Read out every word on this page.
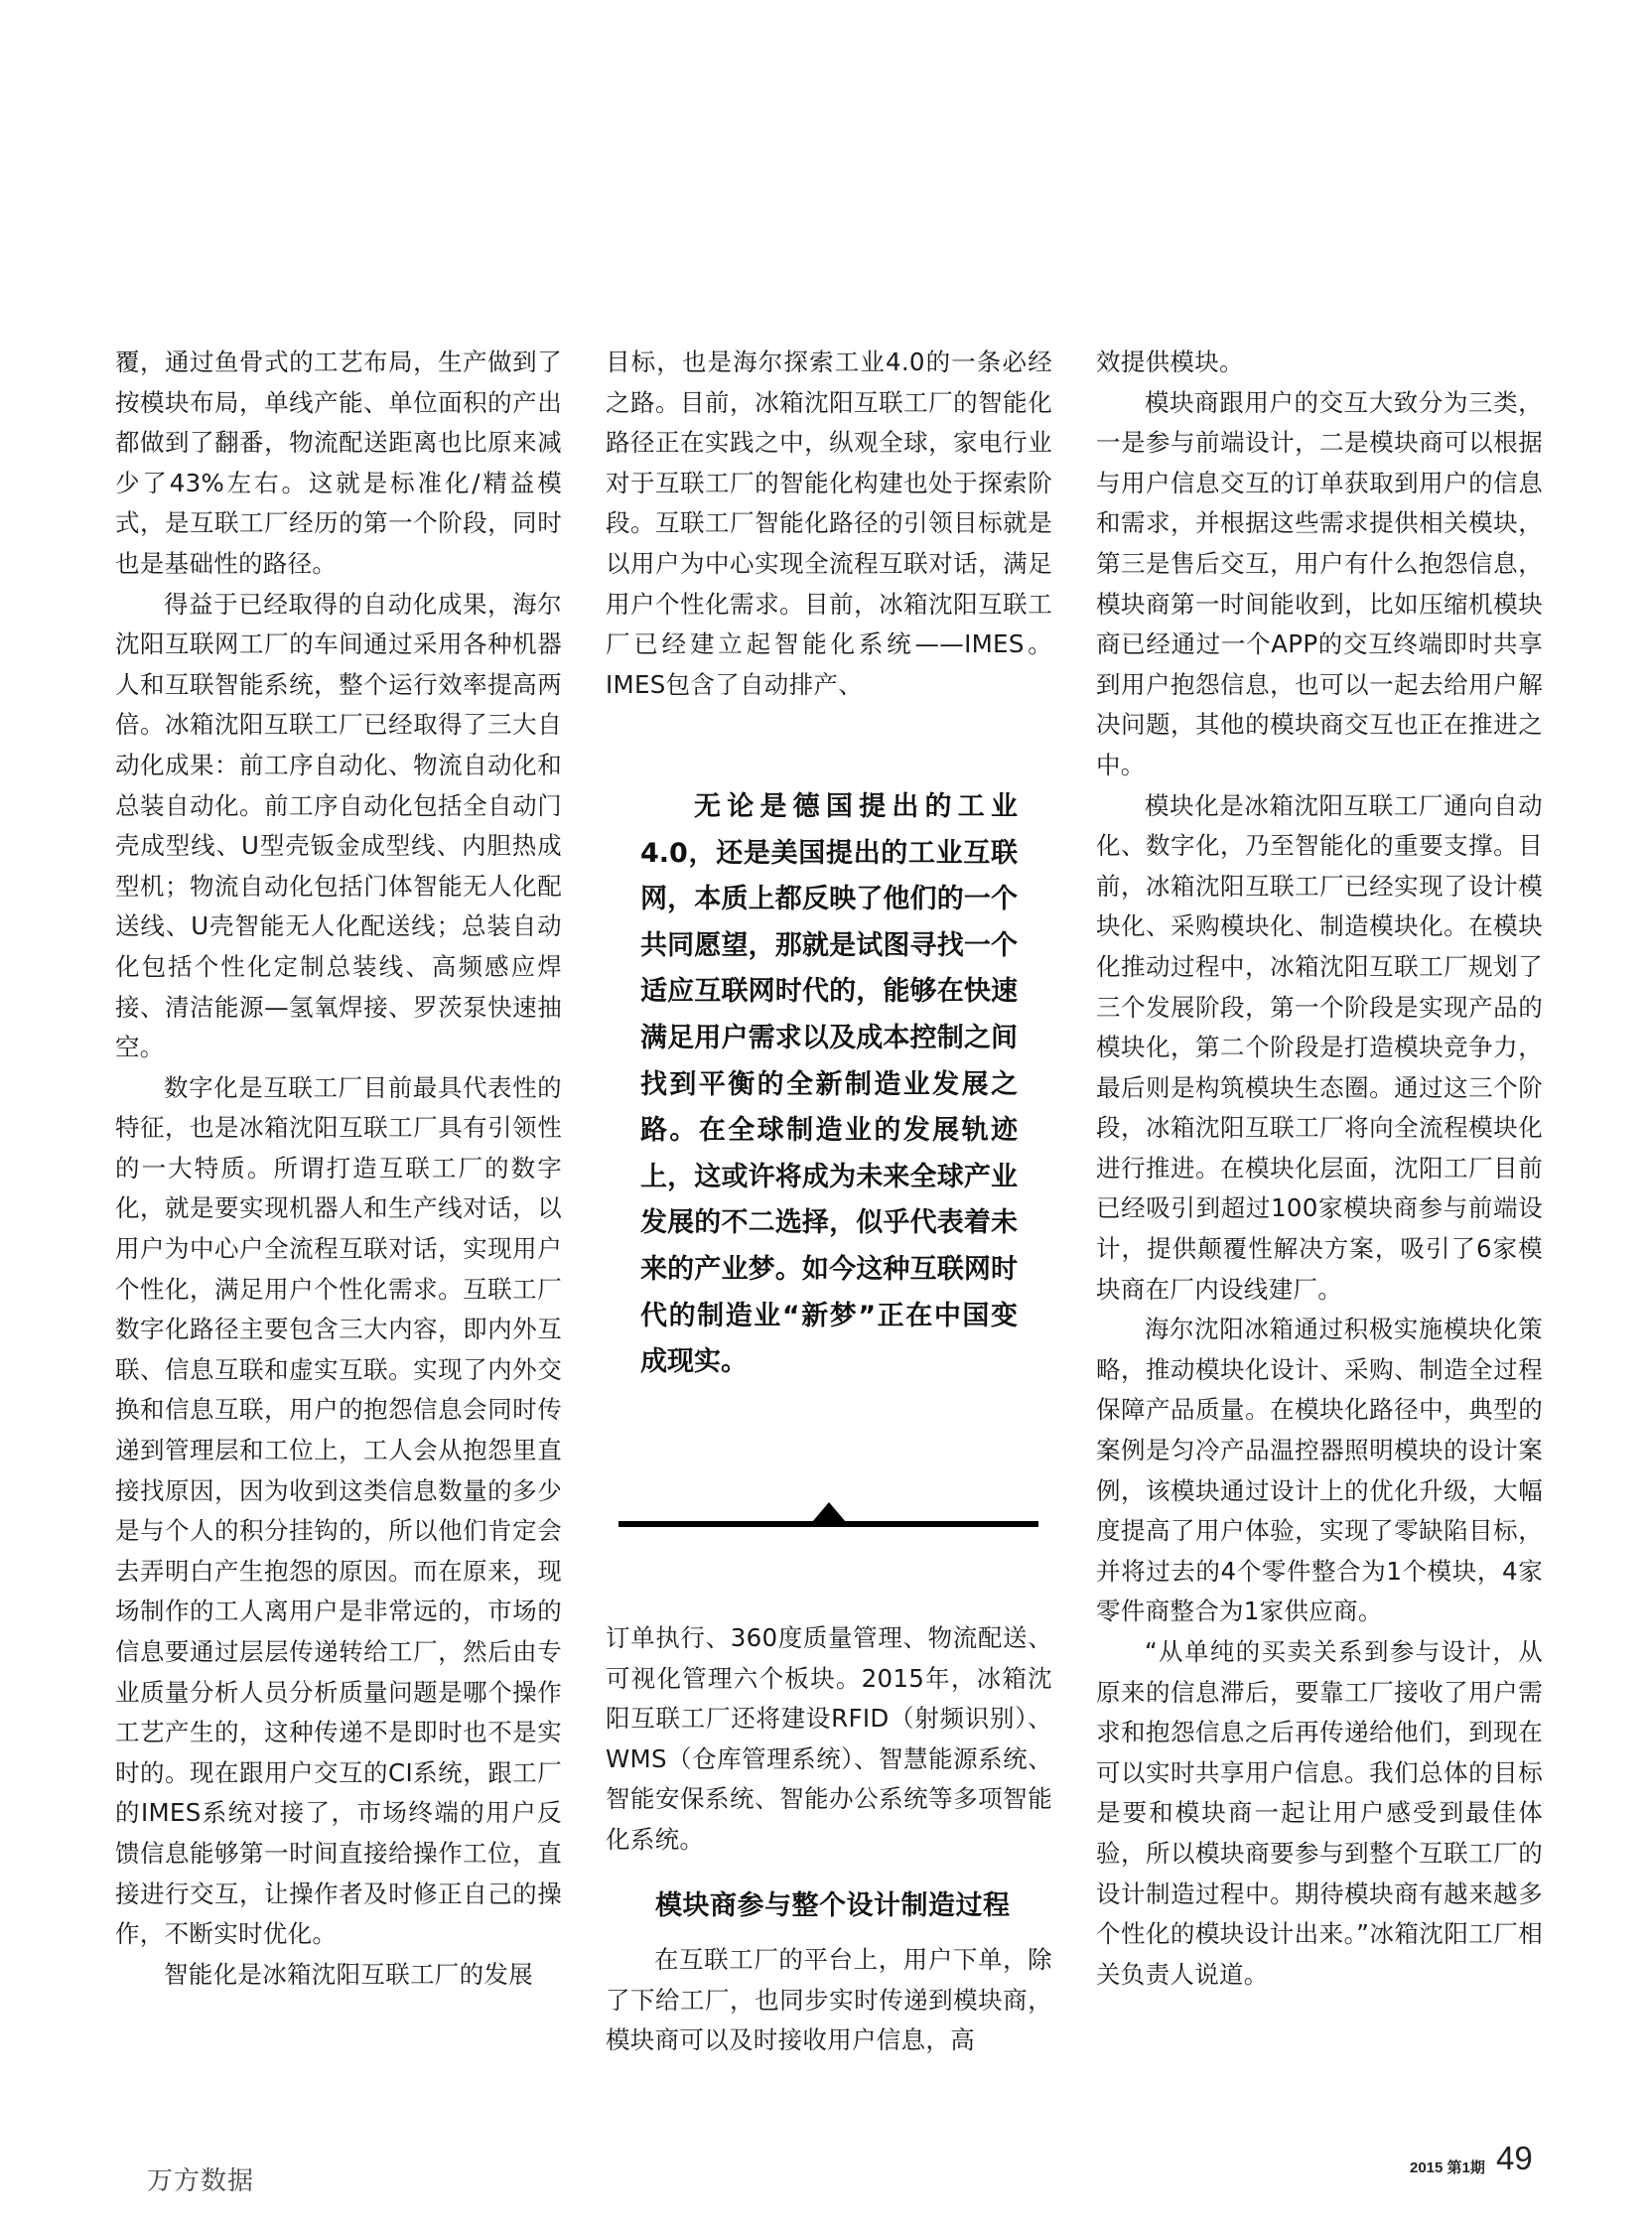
覆，通过鱼骨式的工艺布局，生产做到了按模块布局，单线产能、单位面积的产出都做到了翻番，物流配送距离也比原来减少了43%左右。这就是标准化/精益模式，是互联工厂经历的第一个阶段，同时也是基础性的路径。

得益于已经取得的自动化成果，海尔沈阳互联网工厂的车间通过采用各种机器人和互联智能系统，整个运行效率提高两倍。冰箱沈阳互联工厂已经取得了三大自动化成果：前工序自动化、物流自动化和总装自动化。前工序自动化包括全自动门壳成型线、U型壳钣金成型线、内胆热成型机；物流自动化包括门体智能无人化配送线、U壳智能无人化配送线；总装自动化包括个性化定制总装线、高频感应焊接、清洁能源—氢氧焊接、罗茨泵快速抽空。

数字化是互联工厂目前最具代表性的特征，也是冰箱沈阳互联工厂具有引领性的一大特质。所谓打造互联工厂的数字化，就是要实现机器人和生产线对话，以用户为中心户全流程互联对话，实现用户个性化，满足用户个性化需求。互联工厂数字化路径主要包含三大内容，即内外互联、信息互联和虚实互联。实现了内外交换和信息互联，用户的抱怨信息会同时传递到管理层和工位上，工人会从抱怨里直接找原因，因为收到这类信息数量的多少是与个人的积分挂钩的，所以他们肯定会去弄明白产生抱怨的原因。而在原来，现场制作的工人离用户是非常远的，市场的信息要通过层层传递转给工厂，然后由专业质量分析人员分析质量问题是哪个操作工艺产生的，这种传递不是即时也不是实时的。现在跟用户交互的CI系统，跟工厂的IMES系统对接了，市场终端的用户反馈信息能够第一时间直接给操作工位，直接进行交互，让操作者及时修正自己的操作，不断实时优化。

智能化是冰箱沈阳互联工厂的发展

目标，也是海尔探索工业4.0的一条必经之路。目前，冰箱沈阳互联工厂的智能化路径正在实践之中，纵观全球，家电行业对于互联工厂的智能化构建也处于探索阶段。互联工厂智能化路径的引领目标就是以用户为中心实现全流程互联对话，满足用户个性化需求。目前，冰箱沈阳互联工厂已经建立起智能化系统——IMES。IMES包含了自动排产、

无论是德国提出的工业4.0，还是美国提出的工业互联网，本质上都反映了他们的一个共同愿望，那就是试图寻找一个适应互联网时代的，能够在快速满足用户需求以及成本控制之间找到平衡的全新制造业发展之路。在全球制造业的发展轨迹上，这或许将成为未来全球产业发展的不二选择，似乎代表着未来的产业梦。如今这种互联网时代的制造业“新梦”正在中国变成现实。

订单执行、360度质量管理、物流配送、可视化管理六个板块。2015年，冰箱沈阳互联工厂还将建设RFID（射频识别）、WMS（仓库管理系统）、智慧能源系统、智能安保系统、智能办公系统等多项智能化系统。

模块商参与整个设计制造过程

在互联工厂的平台上，用户下单，除了下给工厂，也同步实时传递到模块商，模块商可以及时接收用户信息，高

效提供模块。

模块商跟用户的交互大致分为三类，一是参与前端设计，二是模块商可以根据与用户信息交互的订单获取到用户的信息和需求，并根据这些需求提供相关模块，第三是售后交互，用户有什么抱怨信息，模块商第一时间能收到，比如压缩机模块商已经通过一个APP的交互终端即时共享到用户抱怨信息，也可以一起去给用户解决问题，其他的模块商交互也正在推进之中。

模块化是冰箱沈阳互联工厂通向自动化、数字化，乃至智能化的重要支撑。目前，冰箱沈阳互联工厂已经实现了设计模块化、采购模块化、制造模块化。在模块化推动过程中，冰箱沈阳互联工厂规划了三个发展阶段，第一个阶段是实现产品的模块化，第二个阶段是打造模块竞争力，最后则是构筑模块生态圈。通过这三个阶段，冰箱沈阳互联工厂将向全流程模块化进行推进。在模块化层面，沈阳工厂目前已经吸引到超过100家模块商参与前端设计，提供颠覆性解决方案，吸引了6家模块商在厂内设线建厂。

海尔沈阳冰箱通过积极实施模块化策略，推动模块化设计、采购、制造全过程保障产品质量。在模块化路径中，典型的案例是匀冷产品温控器照明模块的设计案例，该模块通过设计上的优化升级，大幅度提高了用户体验，实现了零缺陷目标，并将过去的4个零件整合为1个模块，4家零件商整合为1家供应商。

“从单纯的买卖关系到参与设计，从原来的信息滞后，要靠工厂接收了用户需求和抱怨信息之后再传递给他们，到现在可以实时共享用户信息。我们总体的目标是要和模块商一起让用户感受到最佳体验，所以模块商要参与到整个互联工厂的设计制造过程中。期待模块商有越来越多个性化的模块设计出来。”冰箱沈阳工厂相关负责人说道。

万方数据	2015 第1期 49
